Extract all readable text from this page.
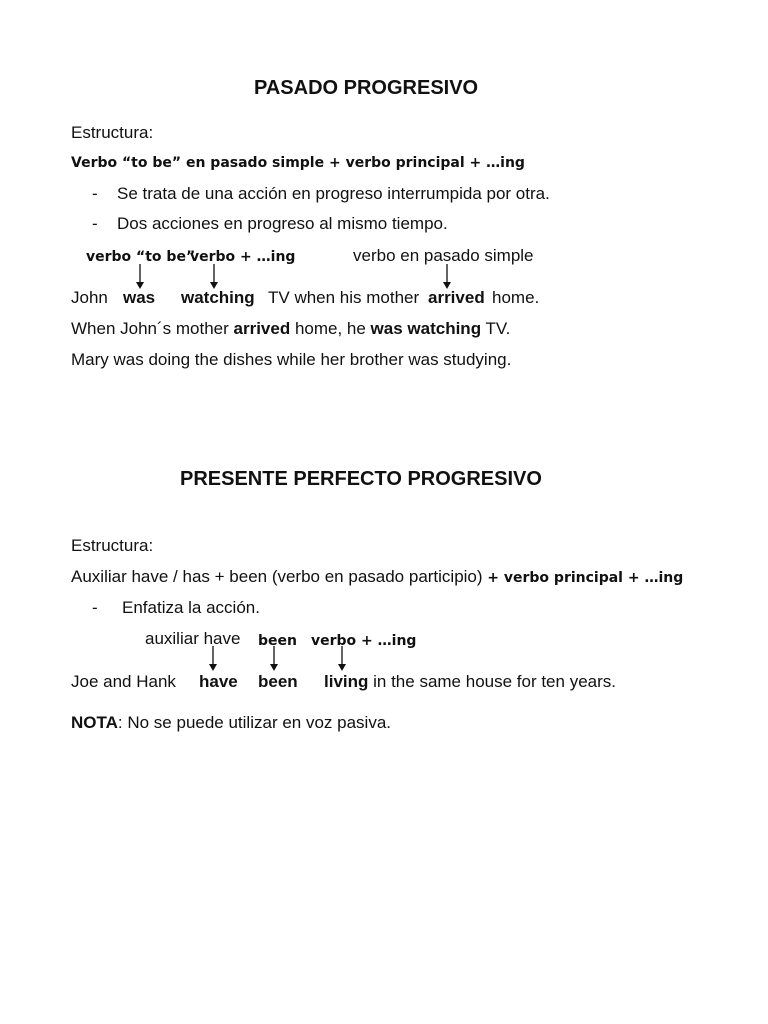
PASADO PROGRESIVO
Estructura:
Verbo “to be” en pasado simple + verbo principal + …ing
- Se trata de una acción en progreso interrumpida por otra.
- Dos acciones en progreso al mismo tiempo.
verbo “to be”
verbo + …ing	verbo en pasado simple
John was watching TV when his mother arrived home.
When John´s mother arrived home, he was watching TV.
Mary was doing the dishes while her brother was studying.
PRESENTE PERFECTO PROGRESIVO
Estructura:
Auxiliar have / has + been (verbo en pasado participio) + verbo principal + …ing
- Enfatiza la acción.
auxiliar have been verbo + …ing
Joe and Hank have been living in the same house for ten years.
NOTA: No se puede utilizar en voz pasiva.
